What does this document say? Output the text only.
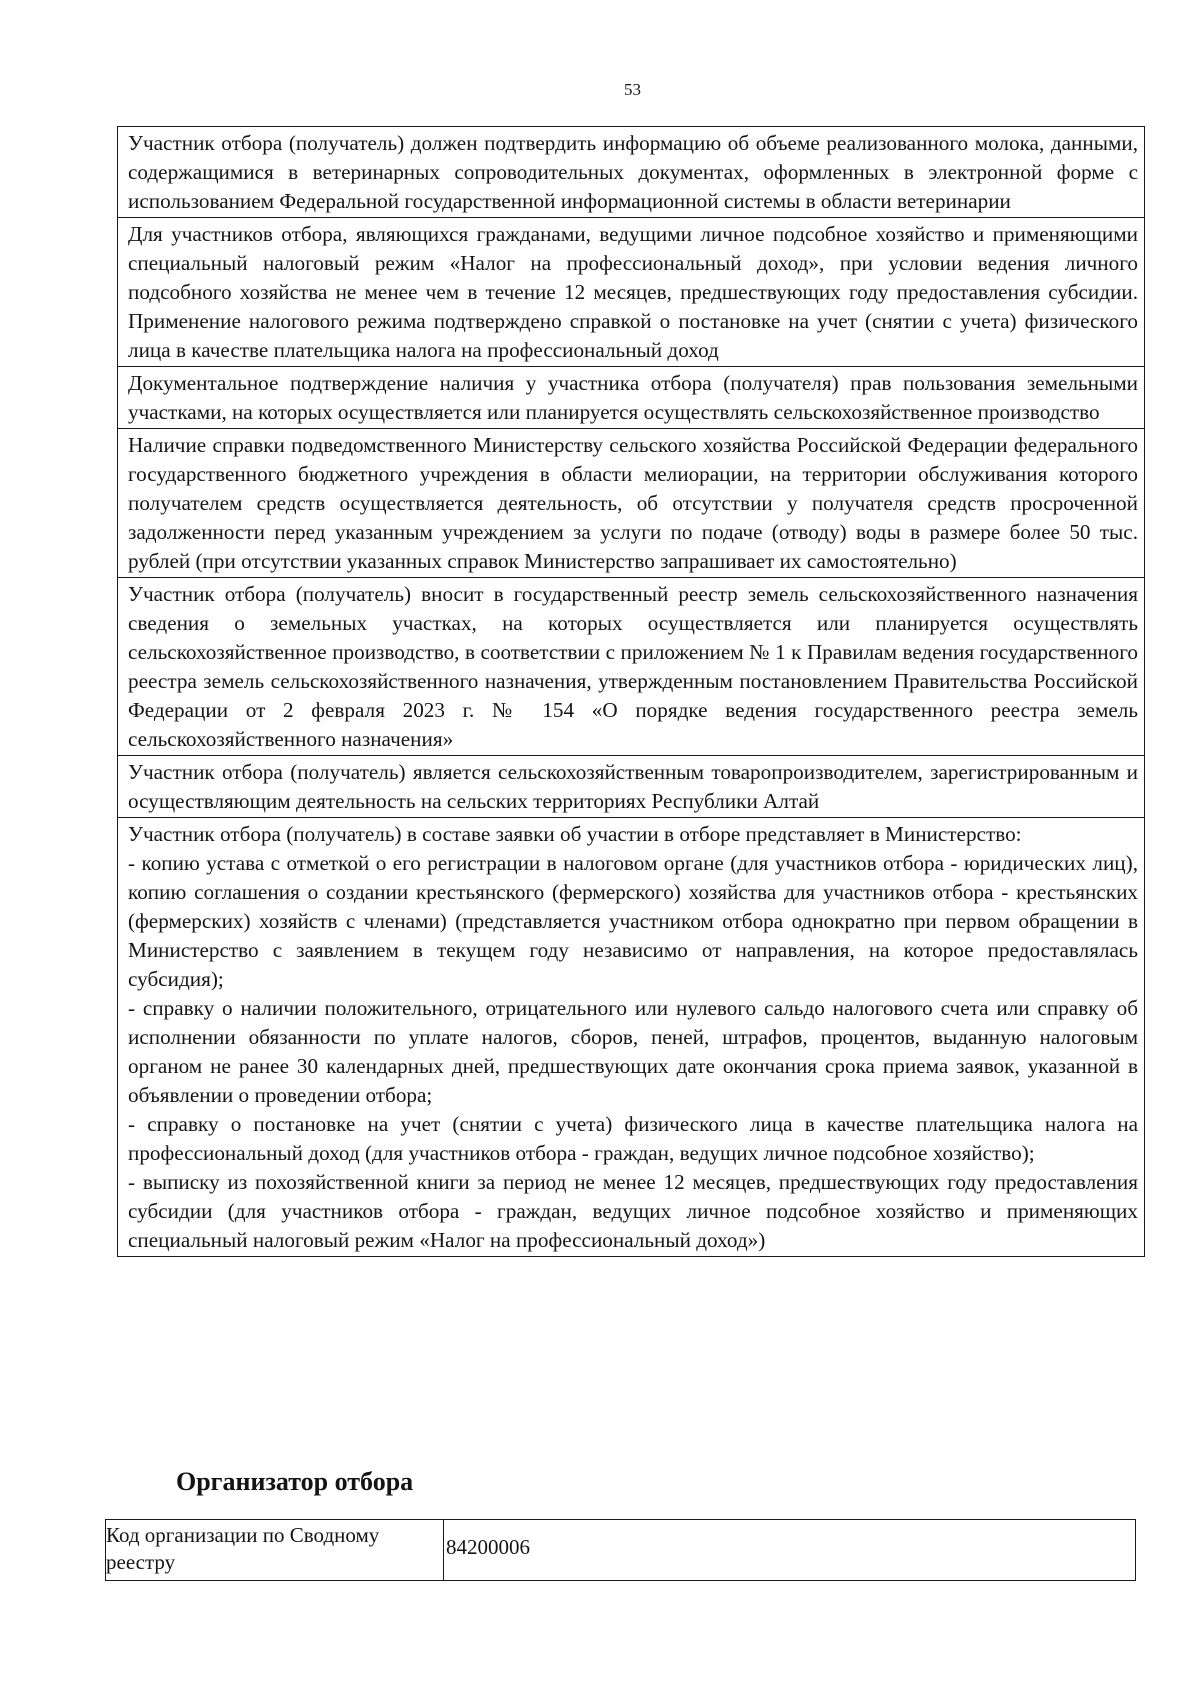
53

Участник отбора (получатель) должен подтвердить информацию об объеме реализованного молока, данными, содержащимися в ветеринарных сопроводительных документах, оформленных в электронной форме с использованием Федеральной государственной информационной системы в области ветеринарии

Для участников отбора, являющихся гражданами, ведущими личное подсобное хозяйство и применяющими специальный налоговый режим «Налог на профессиональный доход», при условии ведения личного подсобного хозяйства не менее чем в течение 12 месяцев, предшествующих году предоставления субсидии. Применение налогового режима подтверждено справкой о постановке на учет (снятии с учета) физического лица в качестве плательщика налога на профессиональный доход

Документальное подтверждение наличия у участника отбора (получателя) прав пользования земельными участками, на которых осуществляется или планируется осуществлять сельскохозяйственное производство

Наличие справки подведомственного Министерству сельского хозяйства Российской Федерации федерального государственного бюджетного учреждения в области мелиорации, на территории обслуживания которого получателем средств осуществляется деятельность, об отсутствии у получателя средств просроченной задолженности перед указанным учреждением за услуги по подаче (отводу) воды в размере более 50 тыс. рублей (при отсутствии указанных справок Министерство запрашивает их самостоятельно)

Участник отбора (получатель) вносит в государственный реестр земель сельскохозяйственного назначения сведения о земельных участках, на которых осуществляется или планируется осуществлять сельскохозяйственное производство, в соответствии с приложением № 1 к Правилам ведения государственного реестра земель сельскохозяйственного назначения, утвержденным постановлением Правительства Российской Федерации от 2 февраля 2023 г. № 154 «О порядке ведения государственного реестра земель сельскохозяйственного назначения»

Участник отбора (получатель) является сельскохозяйственным товаропроизводителем, зарегистрированным и осуществляющим деятельность на сельских территориях Республики Алтай

Участник отбора (получатель) в составе заявки об участии в отборе представляет в Министерство:

- копию устава с отметкой о его регистрации в налоговом органе (для участников отбора - юридических лиц), копию соглашения о создании крестьянского (фермерского) хозяйства для участников отбора - крестьянских (фермерских) хозяйств с членами) (представляется участником отбора однократно при первом обращении в Министерство с заявлением в текущем году независимо от направления, на которое предоставлялась субсидия);

- справку о наличии положительного, отрицательного или нулевого сальдо налогового счета или справку об исполнении обязанности по уплате налогов, сборов, пеней, штрафов, процентов, выданную налоговым органом не ранее 30 календарных дней, предшествующих дате окончания срока приема заявок, указанной в объявлении о проведении отбора;

- справку о постановке на учет (снятии с учета) физического лица в качестве плательщика налога на профессиональный доход (для участников отбора - граждан, ведущих личное подсобное хозяйство);

- выписку из похозяйственной книги за период не менее 12 месяцев, предшествующих году предоставления субсидии (для участников отбора - граждан, ведущих личное подсобное хозяйство и применяющих специальный налоговый режим «Налог на профессиональный доход»)

Организатор отбора
Код организации по Сводному реестру
84200006
